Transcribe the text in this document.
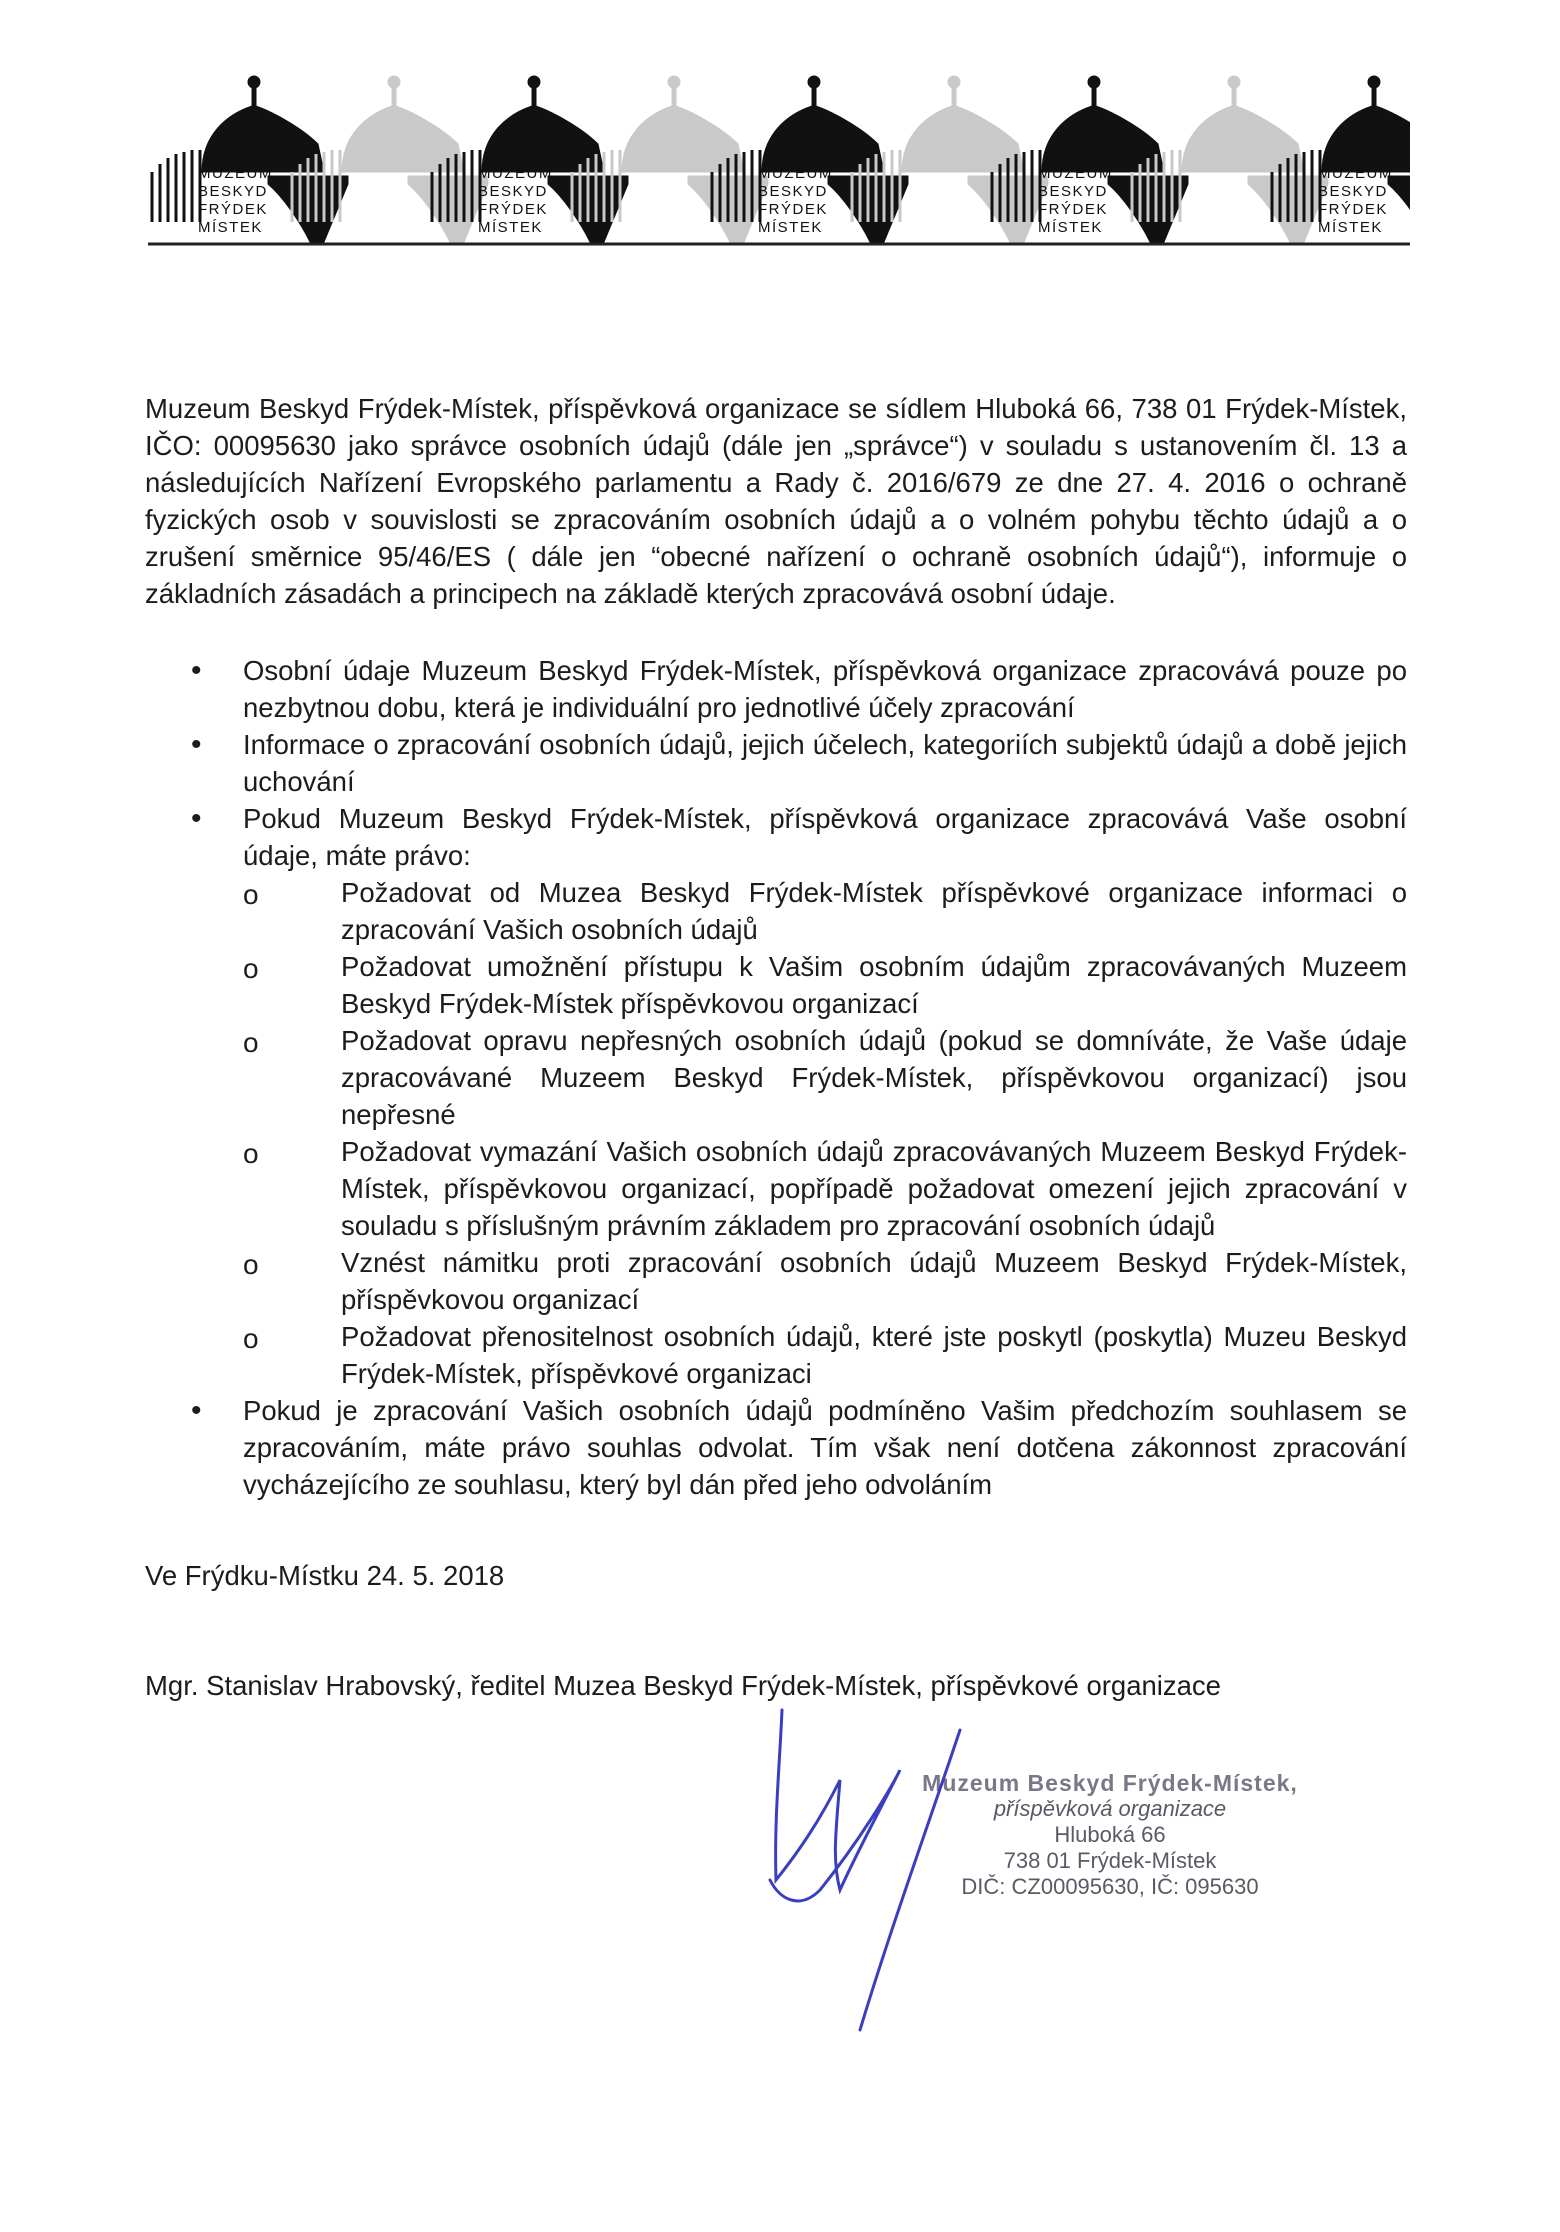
MUZEUM
BESKYD
FRÝDEK
MÍSTEK
MUZEUM
BESKYD
FRÝDEK
MÍSTEK
MUZEUM
BESKYD
FRÝDEK
MÍSTEK
MUZEUM
BESKYD
FRÝDEK
MÍSTEK
MUZEUM
BESKYD
FRÝDEK
MÍSTEK

Muzeum Beskyd Frýdek-Místek, příspěvková organizace se sídlem Hluboká 66, 738 01 Frýdek-Místek, IČO: 00095630 jako správce osobních údajů (dále jen „správce“) v souladu s ustanovením čl. 13 a následujících Nařízení Evropského parlamentu a Rady č. 2016/679 ze dne 27. 4. 2016 o ochraně fyzických osob v souvislosti se zpracováním osobních údajů a o volném pohybu těchto údajů a o zrušení směrnice 95/46/ES ( dále jen “obecné nařízení o ochraně osobních údajů“), informuje o základních zásadách a principech na základě kterých zpracovává osobní údaje.

• Osobní údaje Muzeum Beskyd Frýdek-Místek, příspěvková organizace zpracovává pouze po nezbytnou dobu, která je individuální pro jednotlivé účely zpracování
• Informace o zpracování osobních údajů, jejich účelech, kategoriích subjektů údajů a době jejich uchování
• Pokud Muzeum Beskyd Frýdek-Místek, příspěvková organizace zpracovává Vaše osobní údaje, máte právo:
o	Požadovat od Muzea Beskyd Frýdek-Místek příspěvkové organizace informaci o zpracování Vašich osobních údajů
o	Požadovat umožnění přístupu k Vašim osobním údajům zpracovávaných Muzeem Beskyd Frýdek-Místek příspěvkovou organizací
o	Požadovat opravu nepřesných osobních údajů (pokud se domníváte, že Vaše údaje zpracovávané Muzeem Beskyd Frýdek-Místek, příspěvkovou organizací) jsou nepřesné
o	Požadovat vymazání Vašich osobních údajů zpracovávaných Muzeem Beskyd Frýdek-Místek, příspěvkovou organizací, popřípadě požadovat omezení jejich zpracování v souladu s příslušným právním základem pro zpracování osobních údajů
o	Vznést námitku proti zpracování osobních údajů Muzeem Beskyd Frýdek-Místek, příspěvkovou organizací
o	Požadovat přenositelnost osobních údajů, které jste poskytl (poskytla) Muzeu Beskyd Frýdek-Místek, příspěvkové organizaci
• Pokud je zpracování Vašich osobních údajů podmíněno Vašim předchozím souhlasem se zpracováním, máte právo souhlas odvolat. Tím však není dotčena zákonnost zpracování vycházejícího ze souhlasu, který byl dán před jeho odvoláním
Ve Frýdku-Místku 24. 5. 2018
Mgr. Stanislav Hrabovský, ředitel Muzea Beskyd Frýdek-Místek, příspěvkové organizace
Muzeum Beskyd Frýdek-Místek,
příspěvková organizace
Hluboká 66
738 01 Frýdek-Místek
DIČ: CZ00095630, IČ: 095630
